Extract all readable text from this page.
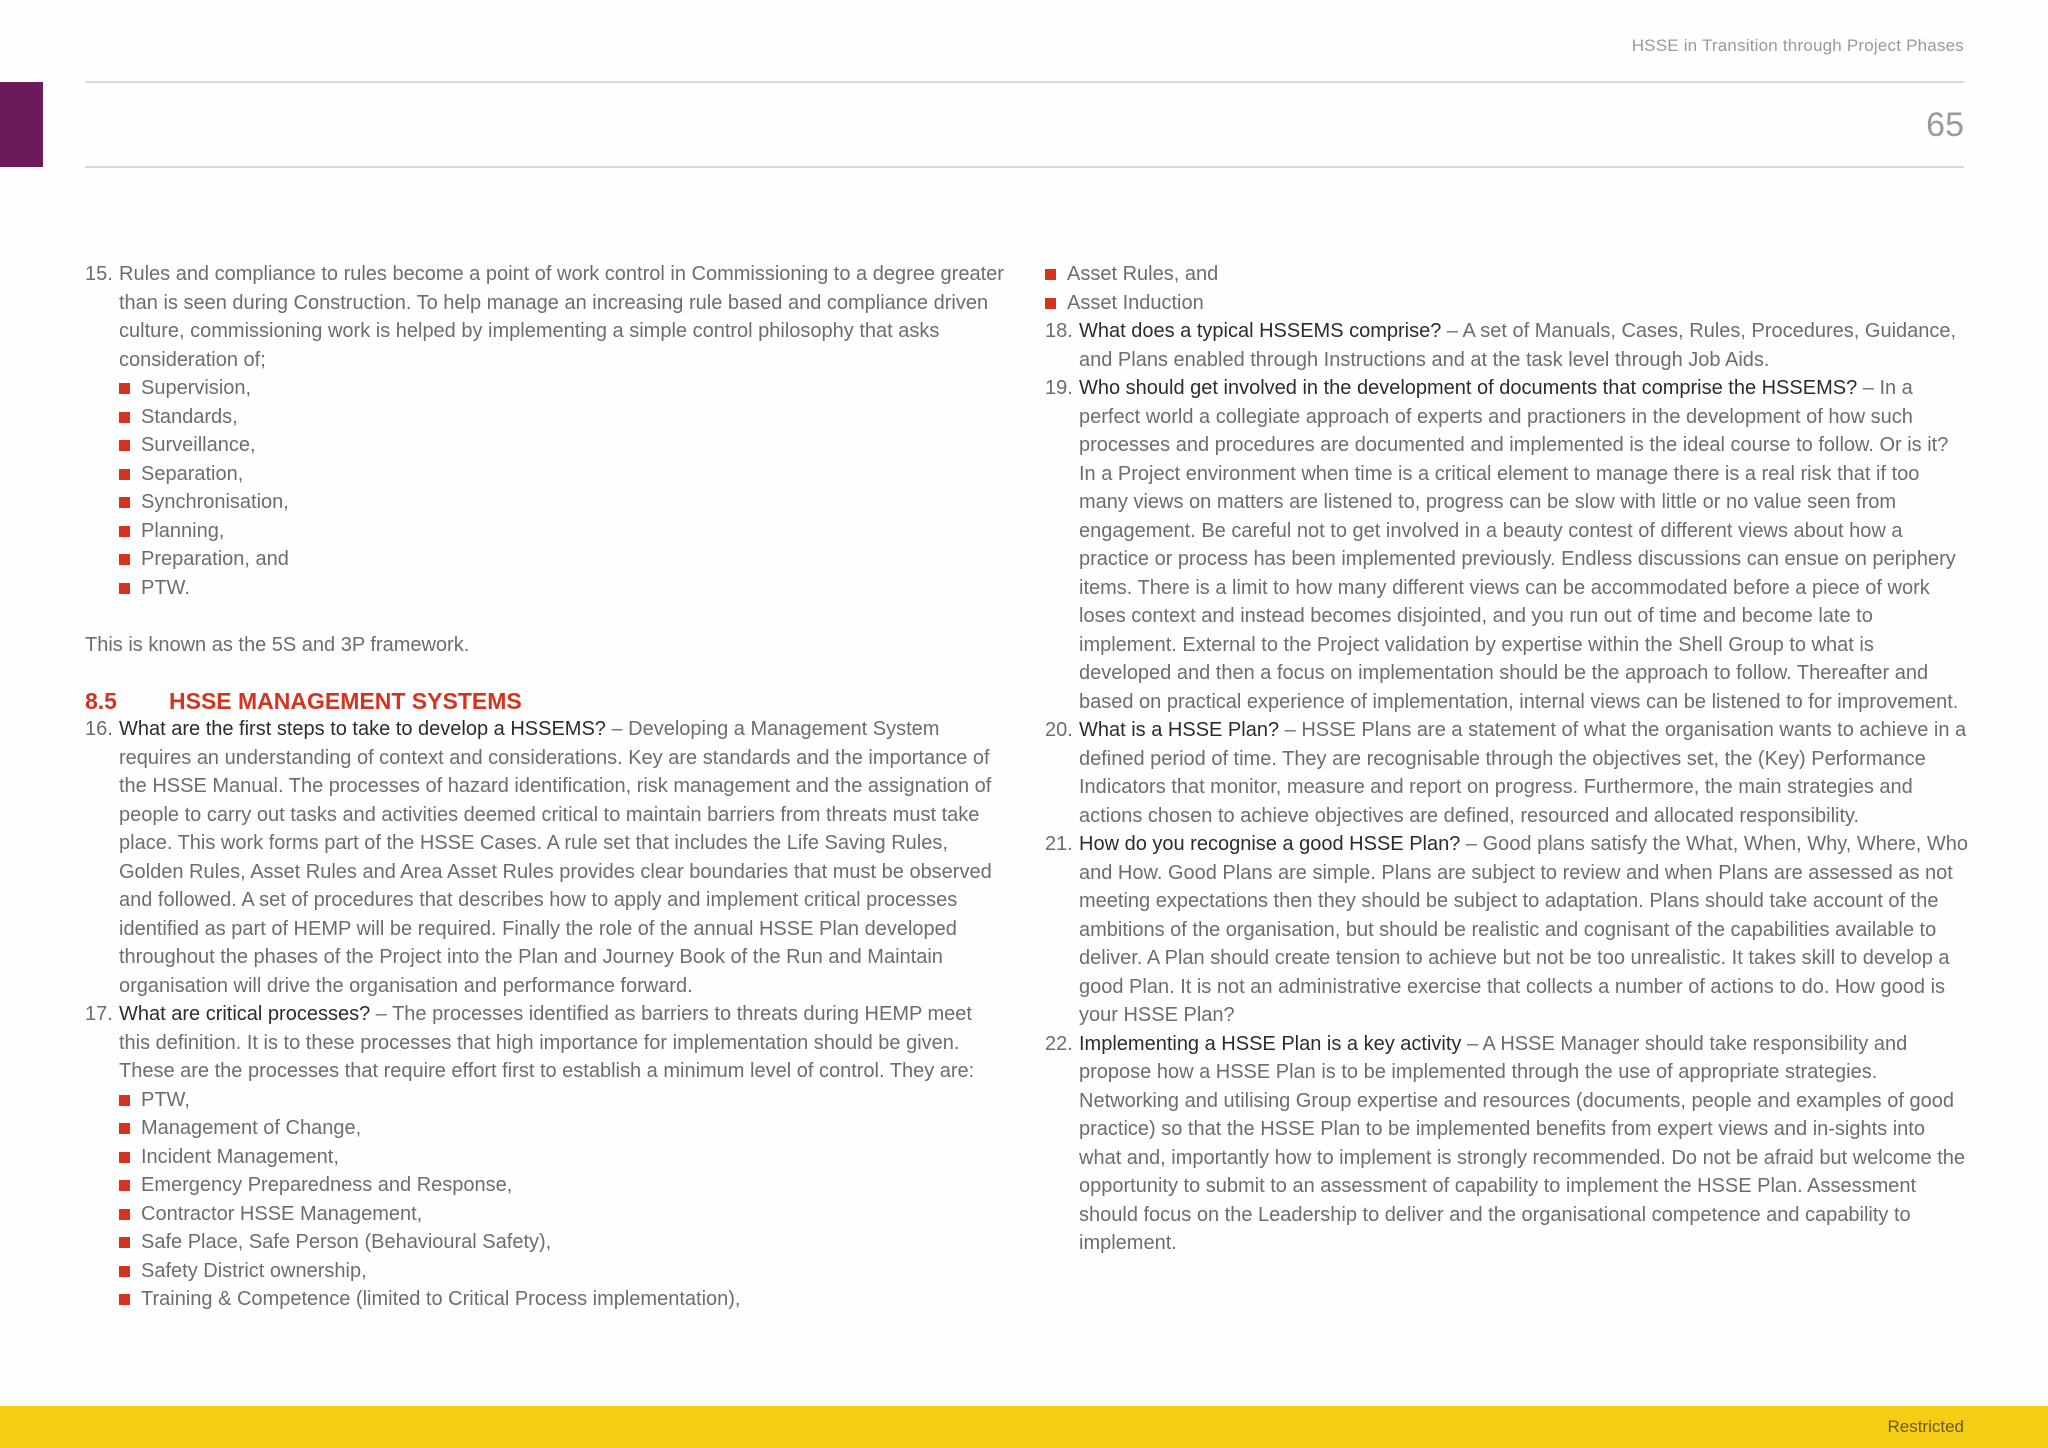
HSSE in Transition through Project Phases
65
15. Rules and compliance to rules become a point of work control in Commissioning to a degree greater than is seen during Construction. To help manage an increasing rule based and compliance driven culture, commissioning work is helped by implementing a simple control philosophy that asks consideration of;
Supervision,
Standards,
Surveillance,
Separation,
Synchronisation,
Planning,
Preparation, and
PTW.
This is known as the 5S and 3P framework.
8.5	HSSE MANAGEMENT SYSTEMS
16. What are the first steps to take to develop a HSSEMS? – Developing a Management System requires an understanding of context and considerations. Key are standards and the importance of the HSSE Manual. The processes of hazard identification, risk management and the assignation of people to carry out tasks and activities deemed critical to maintain barriers from threats must take place. This work forms part of the HSSE Cases. A rule set that includes the Life Saving Rules, Golden Rules, Asset Rules and Area Asset Rules provides clear boundaries that must be observed and followed. A set of procedures that describes how to apply and implement critical processes identified as part of HEMP will be required. Finally the role of the annual HSSE Plan developed throughout the phases of the Project into the Plan and Journey Book of the Run and Maintain organisation will drive the organisation and performance forward.
17. What are critical processes? – The processes identified as barriers to threats during HEMP meet this definition. It is to these processes that high importance for implementation should be given. These are the processes that require effort first to establish a minimum level of control. They are:
PTW,
Management of Change,
Incident Management,
Emergency Preparedness and Response,
Contractor HSSE Management,
Safe Place, Safe Person (Behavioural Safety),
Safety District ownership,
Training & Competence (limited to Critical Process implementation),
Asset Rules, and
Asset Induction
18. What does a typical HSSEMS comprise? – A set of Manuals, Cases, Rules, Procedures, Guidance, and Plans enabled through Instructions and at the task level through Job Aids.
19. Who should get involved in the development of documents that comprise the HSSEMS? – In a perfect world a collegiate approach of experts and practioners in the development of how such processes and procedures are documented and implemented is the ideal course to follow. Or is it? In a Project environment when time is a critical element to manage there is a real risk that if too many views on matters are listened to, progress can be slow with little or no value seen from engagement. Be careful not to get involved in a beauty contest of different views about how a practice or process has been implemented previously. Endless discussions can ensue on periphery items. There is a limit to how many different views can be accommodated before a piece of work loses context and instead becomes disjointed, and you run out of time and become late to implement. External to the Project validation by expertise within the Shell Group to what is developed and then a focus on implementation should be the approach to follow. Thereafter and based on practical experience of implementation, internal views can be listened to for improvement.
20. What is a HSSE Plan? – HSSE Plans are a statement of what the organisation wants to achieve in a defined period of time. They are recognisable through the objectives set, the (Key) Performance Indicators that monitor, measure and report on progress. Furthermore, the main strategies and actions chosen to achieve objectives are defined, resourced and allocated responsibility.
21. How do you recognise a good HSSE Plan? – Good plans satisfy the What, When, Why, Where, Who and How. Good Plans are simple. Plans are subject to review and when Plans are assessed as not meeting expectations then they should be subject to adaptation. Plans should take account of the ambitions of the organisation, but should be realistic and cognisant of the capabilities available to deliver. A Plan should create tension to achieve but not be too unrealistic. It takes skill to develop a good Plan. It is not an administrative exercise that collects a number of actions to do. How good is your HSSE Plan?
22. Implementing a HSSE Plan is a key activity – A HSSE Manager should take responsibility and propose how a HSSE Plan is to be implemented through the use of appropriate strategies. Networking and utilising Group expertise and resources (documents, people and examples of good practice) so that the HSSE Plan to be implemented benefits from expert views and in-sights into what and, importantly how to implement is strongly recommended. Do not be afraid but welcome the opportunity to submit to an assessment of capability to implement the HSSE Plan. Assessment should focus on the Leadership to deliver and the organisational competence and capability to implement.
Restricted
